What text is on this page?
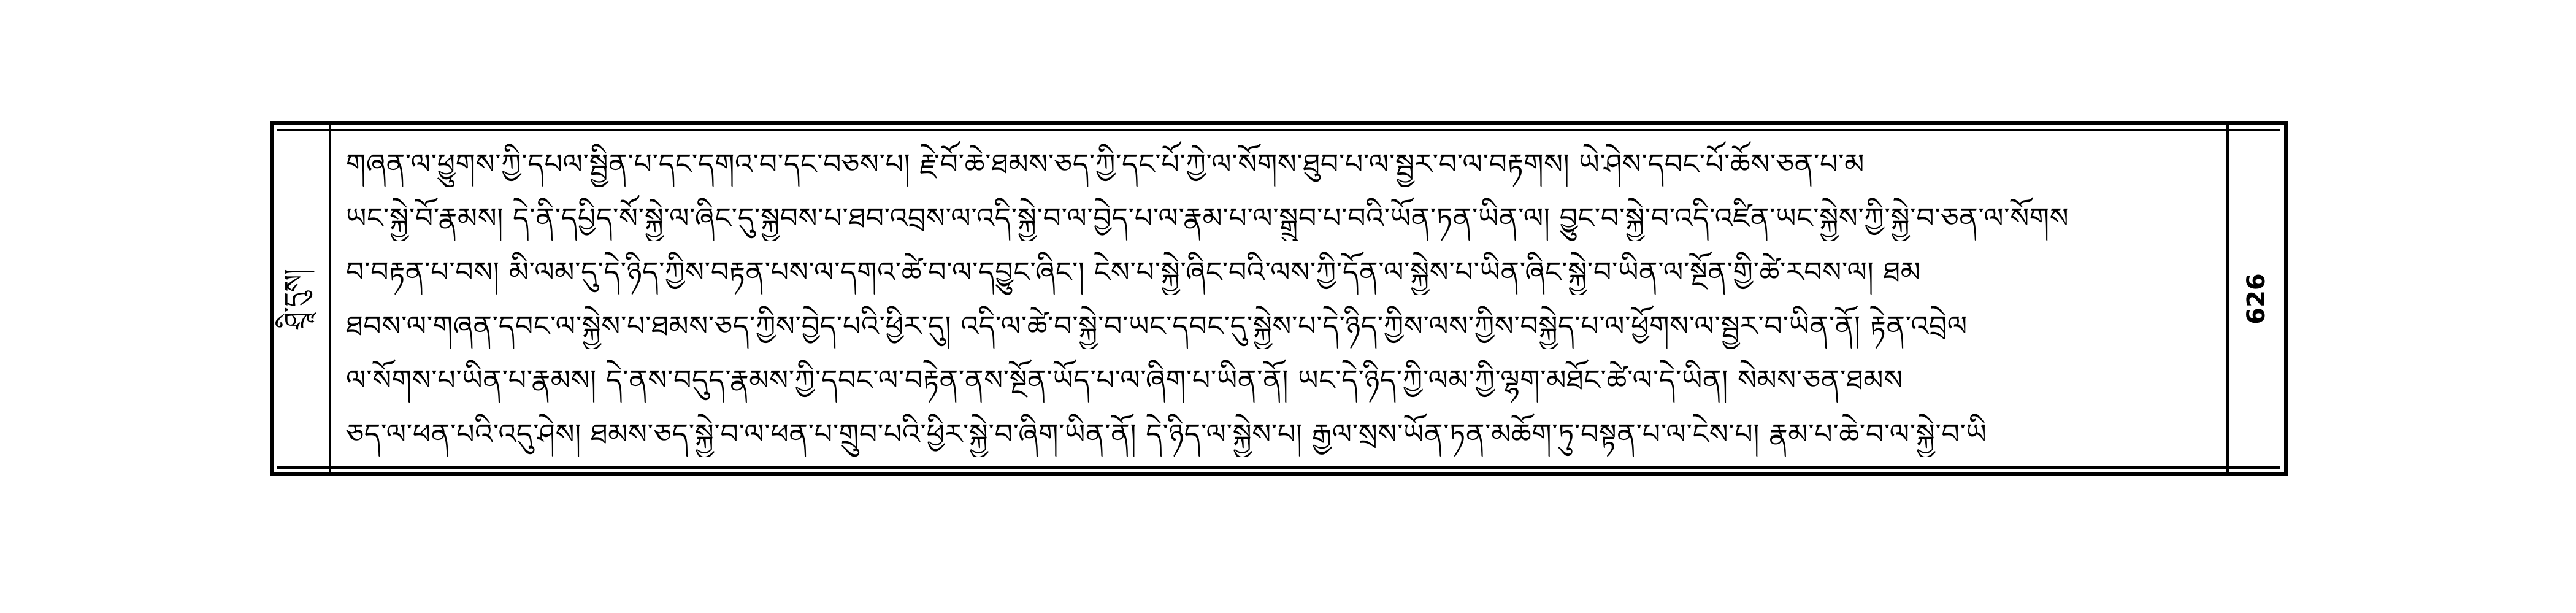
ཤྲཱི་དུས།
གཞན་ལ་ཕྱུགས་ཀྱི་དཔལ་སྦྱིན་པ་དང་དགའ་བ་དང་བཅས་པ། རྗེ་བོ་ཆེ་ཐམས་ཅད་ཀྱི་དང་པོ་ཀྱེ་ལ་སོགས་ཐུབ་པ་ལ་སྦྱར་བ་ལ་བརྟགས། ཡེ་ཤེས་དབང་པོ་ཆོས་ཅན་པ་མ
ཡང་སྐྱེ་བོ་རྣམས། དེ་ནི་དཔྱིད་སོ་སྐྱེ་ལ་ཞིང་དུ་སྐྱབས་པ་ཐབ་འབྲས་ལ་འདི་སྐྱེ་བ་ལ་བྱེད་པ་ལ་རྣམ་པ་ལ་སྒྲུབ་པ་བའི་ཡོན་ཏན་ཡིན་ལ། བྱུང་བ་སྐྱེ་བ་འདི་འཛིན་ཡང་སྐྱེས་ཀྱི་སྐྱེ་བ་ཅན་ལ་སོགས
བ་བརྟན་པ་བས། མི་ལམ་དུ་དེ་ཉིད་ཀྱིས་བརྟན་པས་ལ་དགའ་ཚེ་བ་ལ་དབྱུང་ཞིང་། ངེས་པ་སྐྱེ་ཞིང་བའི་ལས་ཀྱི་དོན་ལ་སྐྱེས་པ་ཡིན་ཞིང་སྐྱེ་བ་ཡིན་ལ་སྔོན་གྱི་ཚེ་རབས་ལ། ཐམ
ཐབས་ལ་གཞན་དབང་ལ་སྐྱེས་པ་ཐམས་ཅད་ཀྱིས་བྱེད་པའི་ཕྱིར་དུ། འདི་ལ་ཚེ་བ་སྐྱེ་བ་ཡང་དབང་དུ་སྐྱེས་པ་དེ་ཉིད་ཀྱིས་ལས་ཀྱིས་བསྐྱེད་པ་ལ་ཕྱོགས་ལ་སྦྱར་བ་ཡིན་ནོ། རྟེན་འབྲེལ
ལ་སོགས་པ་ཡིན་པ་རྣམས། དེ་ནས་བདུད་རྣམས་ཀྱི་དབང་ལ་བརྟེན་ནས་སྔོན་ཡོད་པ་ལ་ཞིག་པ་ཡིན་ནོ། ཡང་དེ་ཉིད་ཀྱི་ལམ་ཀྱི་ལྷག་མཐོང་ཚེ་ལ་དེ་ཡིན། སེམས་ཅན་ཐམས
ཅད་ལ་ཕན་པའི་འདུ་ཤེས། ཐམས་ཅད་སྐྱེ་བ་ལ་ཕན་པ་གྲུབ་པའི་ཕྱིར་སྐྱེ་བ་ཞིག་ཡིན་ནོ། དེ་ཉིད་ལ་སྐྱེས་པ། རྒྱལ་སྲས་ཡོན་ཏན་མཆོག་ཏུ་བསྟན་པ་ལ་ངེས་པ། རྣམ་པ་ཆེ་བ་ལ་སྐྱེ་བ་ཡི
626
